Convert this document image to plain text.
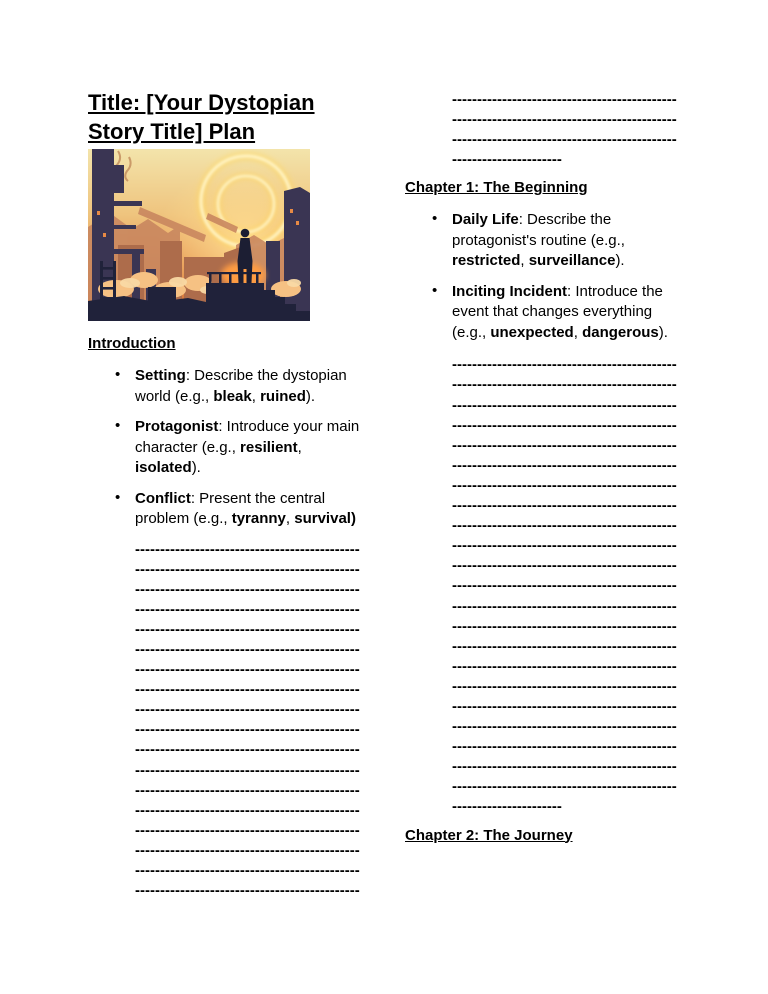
Title: [Your Dystopian Story Title] Plan
Introduction
• Setting: Describe the dystopian world (e.g., bleak, ruined).
• Protagonist: Introduce your main character (e.g., resilient, isolated).
• Conflict: Present the central problem (e.g., tyranny, survival)
---------------------------------------------
---------------------------------------------
---------------------------------------------
---------------------------------------------
---------------------------------------------
---------------------------------------------
---------------------------------------------
---------------------------------------------
---------------------------------------------
---------------------------------------------
---------------------------------------------
---------------------------------------------
---------------------------------------------
---------------------------------------------
---------------------------------------------
---------------------------------------------
---------------------------------------------
---------------------------------------------
---------------------------------------------
---------------------------------------------
---------------------------------------------
----------------------
Chapter 1: The Beginning
• Daily Life: Describe the protagonist's routine (e.g., restricted, surveillance).
• Inciting Incident: Introduce the event that changes everything (e.g., unexpected, dangerous).
---------------------------------------------
---------------------------------------------
---------------------------------------------
---------------------------------------------
---------------------------------------------
---------------------------------------------
---------------------------------------------
---------------------------------------------
---------------------------------------------
---------------------------------------------
---------------------------------------------
---------------------------------------------
---------------------------------------------
---------------------------------------------
---------------------------------------------
---------------------------------------------
---------------------------------------------
---------------------------------------------
---------------------------------------------
---------------------------------------------
---------------------------------------------
---------------------------------------------
----------------------
Chapter 2: The Journey
